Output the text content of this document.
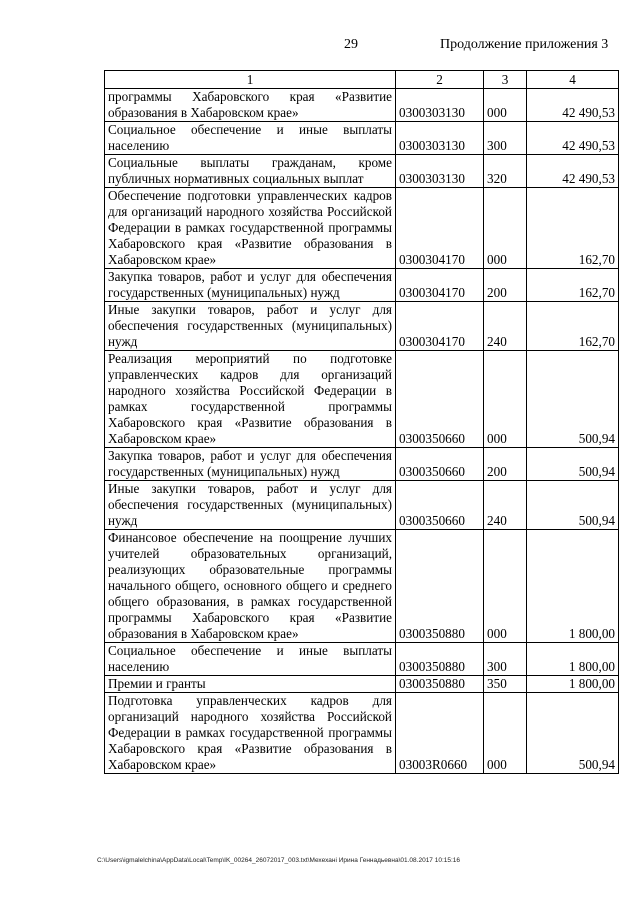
29	Продолжение приложения 3
1	2	3	4
программы Хабаровского края «Развитие образования в Хабаровском крае»	0300303130	000	42 490,53
Социальное обеспечение и иные выплаты населению	0300303130	300	42 490,53
Социальные выплаты гражданам, кроме публичных нормативных социальных выплат	0300303130	320	42 490,53
Обеспечение подготовки управленческих кадров для организаций народного хозяйства Российской Федерации в рамках государственной программы Хабаровского края «Развитие образования в Хабаровском крае»	0300304170	000	162,70
Закупка товаров, работ и услуг для обеспечения государственных (муниципальных) нужд	0300304170	200	162,70
Иные закупки товаров, работ и услуг для обеспечения государственных (муниципальных) нужд	0300304170	240	162,70
Реализация мероприятий по подготовке управленческих кадров для организаций народного хозяйства Российской Федерации в рамках государственной программы Хабаровского края «Развитие образования в Хабаровском крае»	0300350660	000	500,94
Закупка товаров, работ и услуг для обеспечения государственных (муниципальных) нужд	0300350660	200	500,94
Иные закупки товаров, работ и услуг для обеспечения государственных (муниципальных) нужд	0300350660	240	500,94
Финансовое обеспечение на поощрение лучших учителей образовательных организаций, реализующих образовательные программы начального общего, основного общего и среднего общего образования, в рамках государственной программы Хабаровского края «Развитие образования в Хабаровском крае»	0300350880	000	1 800,00
Социальное обеспечение и иные выплаты населению	0300350880	300	1 800,00
Премии и гранты	0300350880	350	1 800,00
Подготовка управленческих кадров для организаций народного хозяйства Российской Федерации в рамках государственной программы Хабаровского края «Развитие образования в Хабаровском крае»	03003R0660	000	500,94
C:\Users\igmalelchina\AppData\Local\Temp\IK_00264_26072017_003.txt\Мехеханi Ирина Геннадьевна\01.08.2017 10:15:16
